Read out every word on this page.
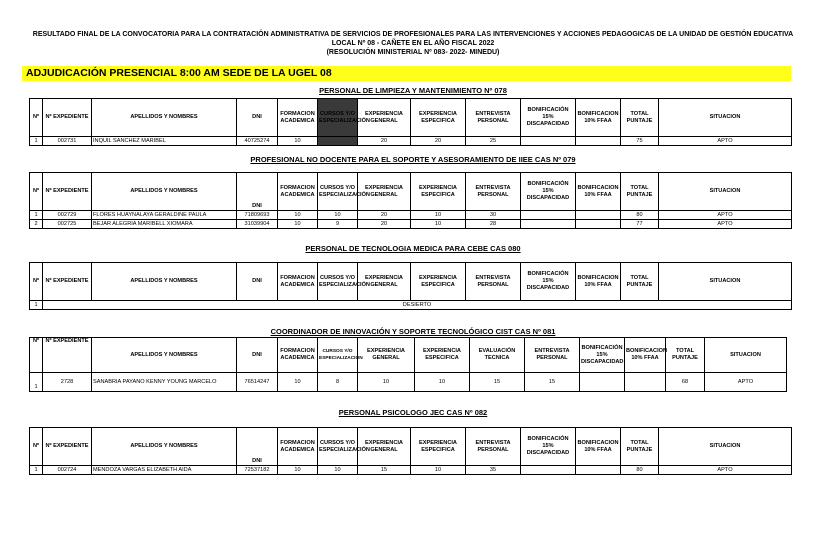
RESULTADO FINAL DE LA CONVOCATORIA PARA LA CONTRATACIÓN ADMINISTRATIVA DE SERVICIOS DE PROFESIONALES PARA LAS INTERVENCIONES Y ACCIONES PEDAGOGICAS DE LA UNIDAD DE GESTIÓN EDUCATIVA
LOCAL Nº 08 - CAÑETE EN EL AÑO FISCAL 2022
(RESOLUCIÓN MINISTERIAL Nº 083- 2022- MINEDU)
ADJUDICACIÓN PRESENCIAL 8:00 AM SEDE DE LA UGEL 08
PERSONAL DE LIMPIEZA Y MANTENIMIENTO Nº 078
Nº	Nº EXPEDIENTE	APELLIDOS Y NOMBRES	DNI	FORMACION ACADEMICA	CURSOS Y/O ESPECIALIZACIÓN	EXPERIENCIA GENERAL	EXPERIENCIA ESPECIFICA	ENTREVISTA PERSONAL	BONIFICACIÓN 15% DISCAPACIDAD	BONIFICACION 10% FFAA	TOTAL PUNTAJE	SITUACION
1	002731	INQUIL SANCHEZ MARIBEL	40725274	10		20	20	25			75	APTO
PROFESIONAL NO DOCENTE PARA EL SOPORTE Y ASESORAMIENTO DE IIEE CAS Nº 079
Nº	Nº EXPEDIENTE	APELLIDOS Y NOMBRES	DNI	FORMACION ACADEMICA	CURSOS Y/O ESPECIALIZACIÓN	EXPERIENCIA GENERAL	EXPERIENCIA ESPECIFICA	ENTREVISTA PERSONAL	BONIFICACIÓN 15% DISCAPACIDAD	BONIFICACION 10% FFAA	TOTAL PUNTAJE	SITUACION
1	002729	FLORES HUAYNALAYA GERALDINE PAULA	71809693	10	10	20	10	30			80	APTO
2	002725	BEJAR ALEGRIA MARIBELL XIOMARA	31039904	10	9	20	10	28			77	APTO
PERSONAL DE TECNOLOGIA MEDICA PARA CEBE CAS 080
Nº	Nº EXPEDIENTE	APELLIDOS Y NOMBRES	DNI	FORMACION ACADEMICA	CURSOS Y/O ESPECIALIZACIÓN	EXPERIENCIA GENERAL	EXPERIENCIA ESPECIFICA	ENTREVISTA PERSONAL	BONIFICACIÓN 15% DISCAPACIDAD	BONIFICACION 10% FFAA	TOTAL PUNTAJE	SITUACION
1	DESIERTO											
COORDINADOR DE INNOVACIÓN Y SOPORTE TECNOLÓGICO CIST CAS Nº 081
Nº	Nº EXPEDIENTE	APELLIDOS Y NOMBRES	DNI	FORMACION ACADEMICA	CURSOS Y/O ESPECIALIZACIÓN	EXPERIENCIA GENERAL	EXPERIENCIA ESPECIFICA	EVALUACIÓN TECNICA	ENTREVISTA PERSONAL	BONIFICACIÓN 15% DISCAPACIDAD	BONIFICACION 10% FFAA	TOTAL PUNTAJE	SITUACION
1	2728	SANABRIA PAYANO KENNY YOUNG MARCELO	76514247	10	8	10	10	15	15			68	APTO
PERSONAL PSICOLOGO JEC CAS Nº 082
Nº	Nº EXPEDIENTE	APELLIDOS Y NOMBRES	DNI	FORMACION ACADEMICA	CURSOS Y/O ESPECIALIZACIÓN	EXPERIENCIA GENERAL	EXPERIENCIA ESPECIFICA	ENTREVISTA PERSONAL	BONIFICACIÓN 15% DISCAPACIDAD	BONIFICACION 10% FFAA	TOTAL PUNTAJE	SITUACION
1	002724	MENDOZA VARGAS ELIZABETH AIDA	72537182	10	10	15	10	35			80	APTO
